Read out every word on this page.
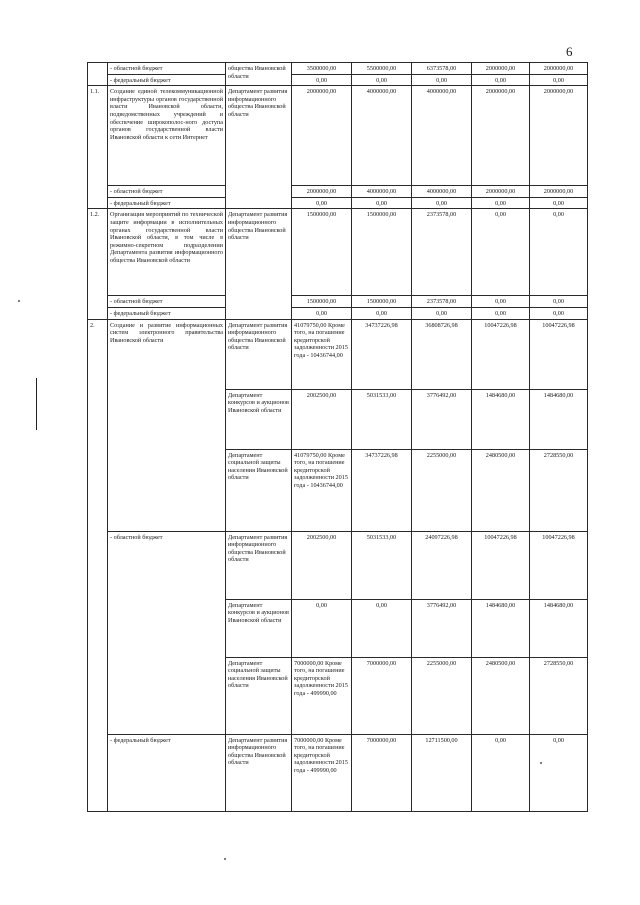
6
	- областной бюджет	общества Ивановской области	3500000,00	5500000,00	6373578,00	2000000,00	2000000,00
	- федеральный бюджет		0,00	0,00	0,00	0,00	0,00
1.1.	Создание единой телекоммуникационной инфраструктуры органов государственной власти Ивановской области, подведомственных учреждений и обеспечение широкополос-ного доступа органов государственной власти Ивановской области к сети Интернет	Департамент развития информационного общества Ивановской области	2000000,00	4000000,00	4000000,00	2000000,00	2000000,00
	- областной бюджет		2000000,00	4000000,00	4000000,00	2000000,00	2000000,00
	- федеральный бюджет		0,00	0,00	0,00	0,00	0,00
1.2.	Организация мероприятий по технической защите информации в исполнительных органах государственной власти Ивановской области, в том числе в режимно-секретном подразделении Департамента развития информационного общества Ивановской области	Департамент развития информационного общества Ивановской области	1500000,00	1500000,00	2373578,00	0,00	0,00
	- областной бюджет		1500000,00	1500000,00	2373578,00	0,00	0,00
	- федеральный бюджет		0,00	0,00	0,00	0,00	0,00
2.	Создание и развитие информационных систем электронного правительства Ивановской области	Департамент развития информационного общества Ивановской области	41079750,00 Кроме того, на погашение кредиторской задолженности 2015 года - 10436744,00	34737226,98	36808726,98	10047226,98	10047226,98
		Департамент конкурсов и аукционов Ивановской области	2002500,00	5031533,00	3776492,00	1484680,00	1484680,00
		Департамент социальной защиты населения Ивановской области	41079750,00 Кроме того, на погашение кредиторской задолженности 2015 года - 10436744,00	34737226,98	2255000,00	2480500,00	2728550,00
	- областной бюджет	Департамент развития информационного общества Ивановской области	2002500,00	5031533,00	24097226,98	10047226,98	10047226,98
		Департамент конкурсов и аукционов Ивановской области	0,00	0,00	3776492,00	1484680,00	1484680,00
		Департамент социальной защиты населения Ивановской области	7000000,00 Кроме того, на погашение кредиторской задолженности 2015 года - 499990,00	7000000,00	2255000,00	2480500,00	2728550,00
	- федеральный бюджет	Департамент развития информационного общества Ивановской области	7000000,00 Кроме того, на погашение кредиторской задолженности 2015 года - 499990,00	7000000,00	12711500,00	0,00	0,00
